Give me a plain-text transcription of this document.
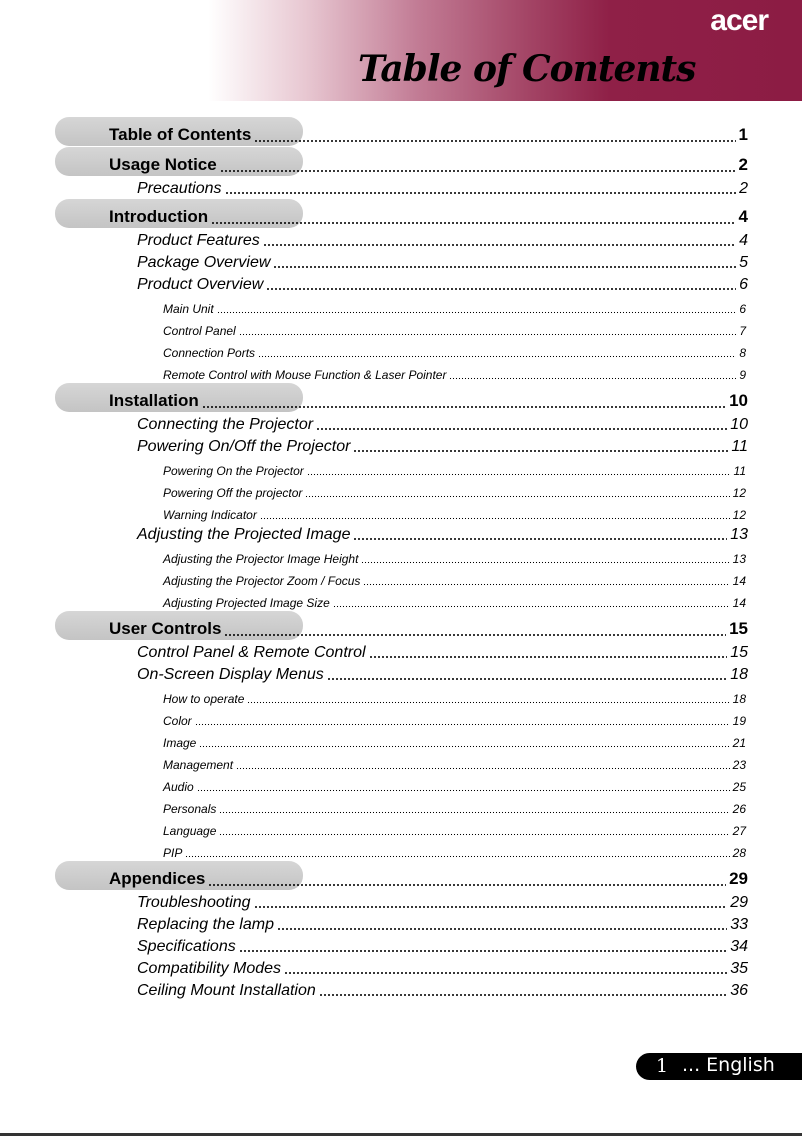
acer
Table of Contents
Table of Contents	1
Usage Notice	2
Precautions	2
Introduction	4
Product Features	4
Package Overview	5
Product Overview	6
Main Unit	6
Control Panel	7
Connection Ports	8
Remote Control with Mouse Function & Laser Pointer	9
Installation	10
Connecting the Projector	10
Powering On/Off the Projector	11
Powering On the Projector	11
Powering Off the projector	12
Warning Indicator	12
Adjusting the Projected Image	13
Adjusting the Projector Image Height	13
Adjusting the Projector Zoom / Focus	14
Adjusting Projected Image Size	14
User Controls	15
Control Panel & Remote Control	15
On-Screen Display Menus	18
How to operate	18
Color	19
Image	21
Management	23
Audio	25
Personals	26
Language	27
PIP	28
Appendices	29
Troubleshooting	29
Replacing the lamp	33
Specifications	34
Compatibility Modes	35
Ceiling Mount Installation	36
1 ... English
